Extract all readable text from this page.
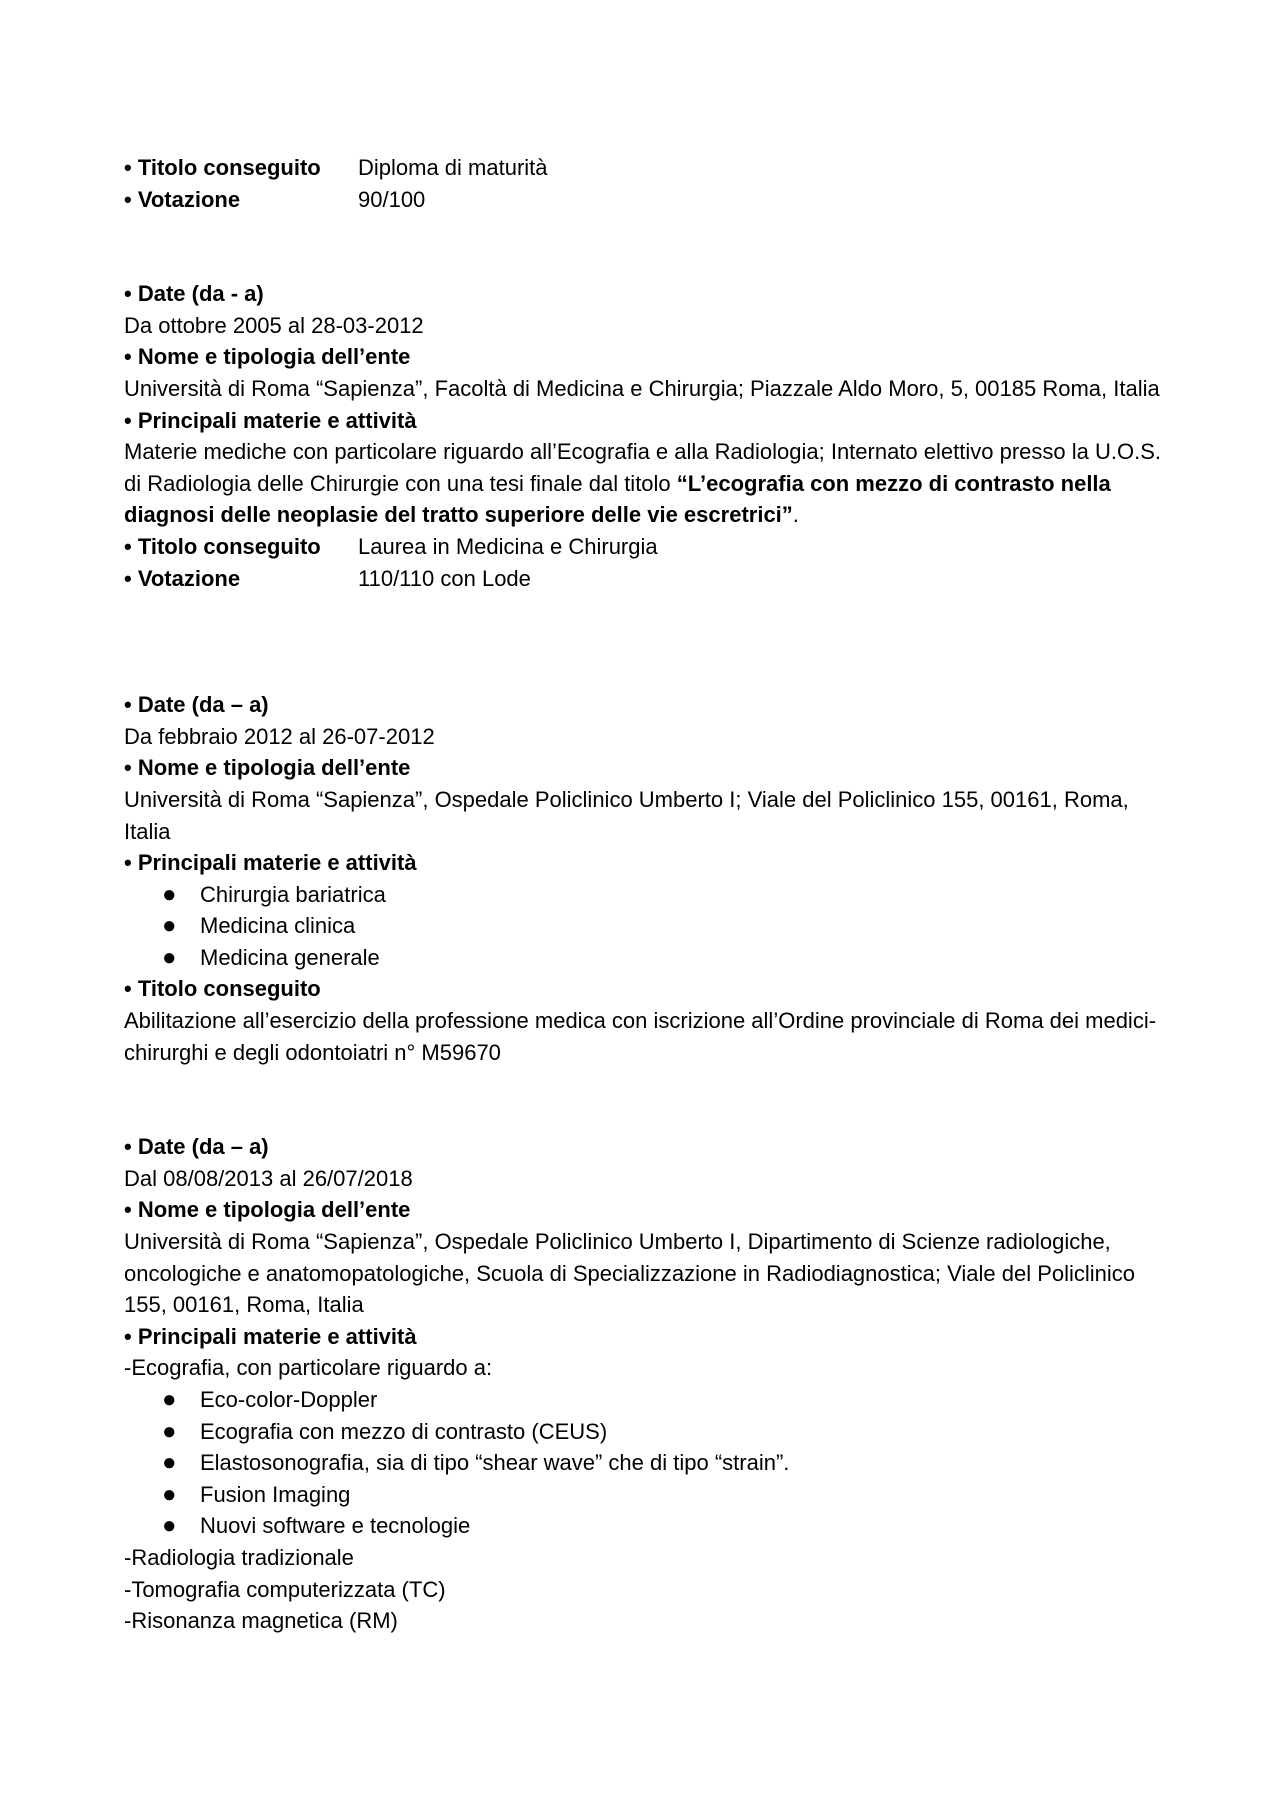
• Titolo conseguito	Diploma di maturità
• Votazione	90/100

• Date (da - a)

Da ottobre 2005 al 28-03-2012

• Nome e tipologia dell’ente

Università di Roma “Sapienza”, Facoltà di Medicina e Chirurgia; Piazzale Aldo Moro, 5, 00185 Roma, Italia

• Principali materie e attività

Materie mediche con particolare riguardo all’Ecografia e alla Radiologia; Internato elettivo presso la U.O.S. di Radiologia delle Chirurgie con una tesi finale dal titolo “L’ecografia con mezzo di contrasto nella diagnosi delle neoplasie del tratto superiore delle vie escretrici”.

• Titolo conseguito	Laurea in Medicina e Chirurgia
• Votazione	110/110 con Lode

• Date (da – a)

Da febbraio 2012 al 26-07-2012

• Nome e tipologia dell’ente

Università di Roma “Sapienza”, Ospedale Policlinico Umberto I; Viale del Policlinico 155, 00161, Roma, Italia

• Principali materie e attività

●	Chirurgia bariatrica
●	Medicina clinica
●	Medicina generale

• Titolo conseguito

Abilitazione all’esercizio della professione medica con iscrizione all’Ordine provinciale di Roma dei medici-chirurghi e degli odontoiatri n° M59670

• Date (da – a)

Dal 08/08/2013 al 26/07/2018

• Nome e tipologia dell’ente

Università di Roma “Sapienza”, Ospedale Policlinico Umberto I, Dipartimento di Scienze radiologiche, oncologiche e anatomopatologiche, Scuola di Specializzazione in Radiodiagnostica; Viale del Policlinico 155, 00161, Roma, Italia

• Principali materie e attività

-Ecografia, con particolare riguardo a:

●	Eco-color-Doppler
●	Ecografia con mezzo di contrasto (CEUS)
●	Elastosonografia, sia di tipo “shear wave” che di tipo “strain”.
●	Fusion Imaging
●	Nuovi software e tecnologie

-Radiologia tradizionale

-Tomografia computerizzata (TC)

-Risonanza magnetica (RM)
